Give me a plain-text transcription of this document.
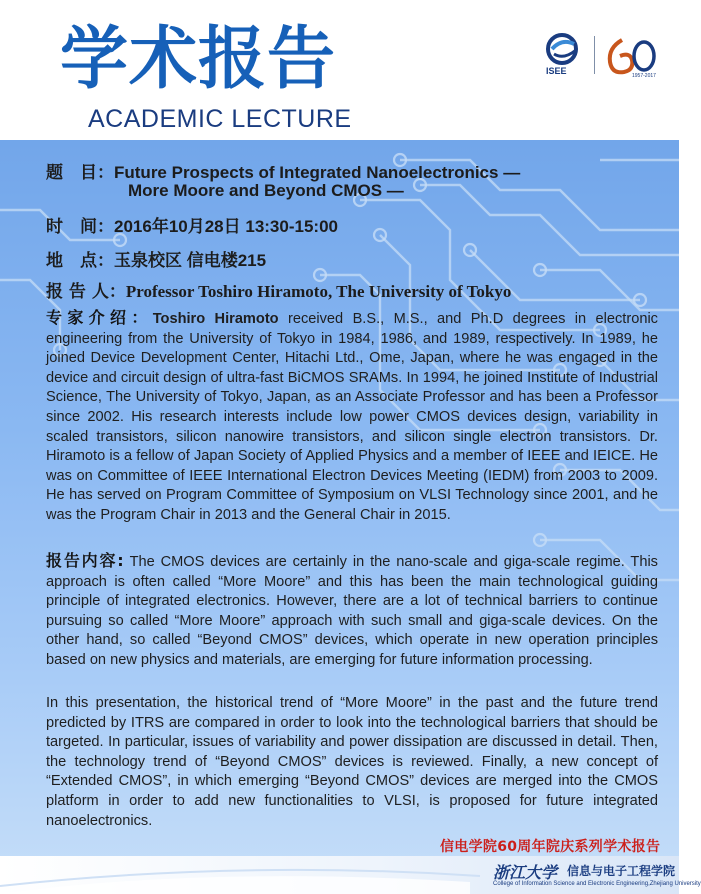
学术报告
ACADEMIC LECTURE
ISEE	1957-2017
题　目：Future Prospects of Integrated Nanoelectronics —
More Moore and Beyond CMOS —
时　间：2016年10月28日 13:30-15:00
地　点：玉泉校区 信电楼215
报 告 人：Professor Toshiro Hiramoto, The University of Tokyo
专家介绍：Toshiro Hiramoto received B.S., M.S., and Ph.D degrees in electronic engineering from the University of Tokyo in 1984, 1986, and 1989, respectively. In 1989, he joined Device Development Center, Hitachi Ltd., Ome, Japan, where he was engaged in the device and circuit design of ultra-fast BiCMOS SRAMs. In 1994, he joined Institute of Industrial Science, The University of Tokyo, Japan, as an Associate Professor and has been a Professor since 2002. His research interests include low power CMOS devices design, variability in scaled transistors, silicon nanowire transistors, and silicon single electron transistors. Dr. Hiramoto is a fellow of Japan Society of Applied Physics and a member of IEEE and IEICE. He was on Committee of IEEE International Electron Devices Meeting (IEDM) from 2003 to 2009. He has served on Program Committee of Symposium on VLSI Technology since 2001, and he was the Program Chair in 2013 and the General Chair in 2015.
报告内容: The CMOS devices are certainly in the nano-scale and giga-scale regime. This approach is often called “More Moore” and this has been the main technological guiding principle of integrated electronics. However, there are a lot of technical barriers to continue pursuing so called “More Moore” approach with such small and giga-scale devices. On the other hand, so called “Beyond CMOS” devices, which operate in new operation principles based on new physics and materials, are emerging for future information processing.
In this presentation, the historical trend of “More Moore” in the past and the future trend predicted by ITRS are compared in order to look into the technological barriers that should be targeted. In particular, issues of variability and power dissipation are discussed in detail. Then, the technology trend of “Beyond CMOS” devices is reviewed. Finally, a new concept of “Extended CMOS”, in which emerging “Beyond CMOS” devices are merged into the CMOS platform in order to add new functionalities to VLSI, is proposed for future integrated nanoelectronics.
信电学院60周年院庆系列学术报告
浙江大学 信息与电子工程学院
College of Information Science and Electronic Engineering,Zhejiang University
